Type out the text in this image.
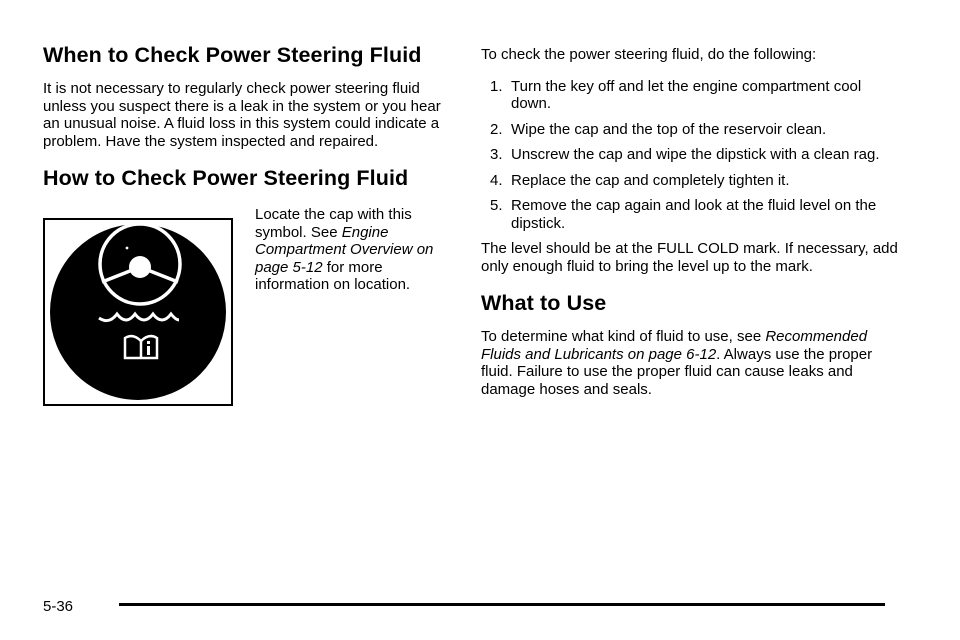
When to Check Power Steering Fluid

It is not necessary to regularly check power steering fluid unless you suspect there is a leak in the system or you hear an unusual noise. A fluid loss in this system could indicate a problem. Have the system inspected and repaired.

How to Check Power Steering Fluid

Locate the cap with this symbol. See Engine Compartment Overview on page 5-12 for more information on location.

To check the power steering fluid, do the following:

1. Turn the key off and let the engine compartment cool down.
2. Wipe the cap and the top of the reservoir clean.
3. Unscrew the cap and wipe the dipstick with a clean rag.
4. Replace the cap and completely tighten it.
5. Remove the cap again and look at the fluid level on the dipstick.

The level should be at the FULL COLD mark. If necessary, add only enough fluid to bring the level up to the mark.

What to Use

To determine what kind of fluid to use, see Recommended Fluids and Lubricants on page 6-12. Always use the proper fluid. Failure to use the proper fluid can cause leaks and damage hoses and seals.

5-36
